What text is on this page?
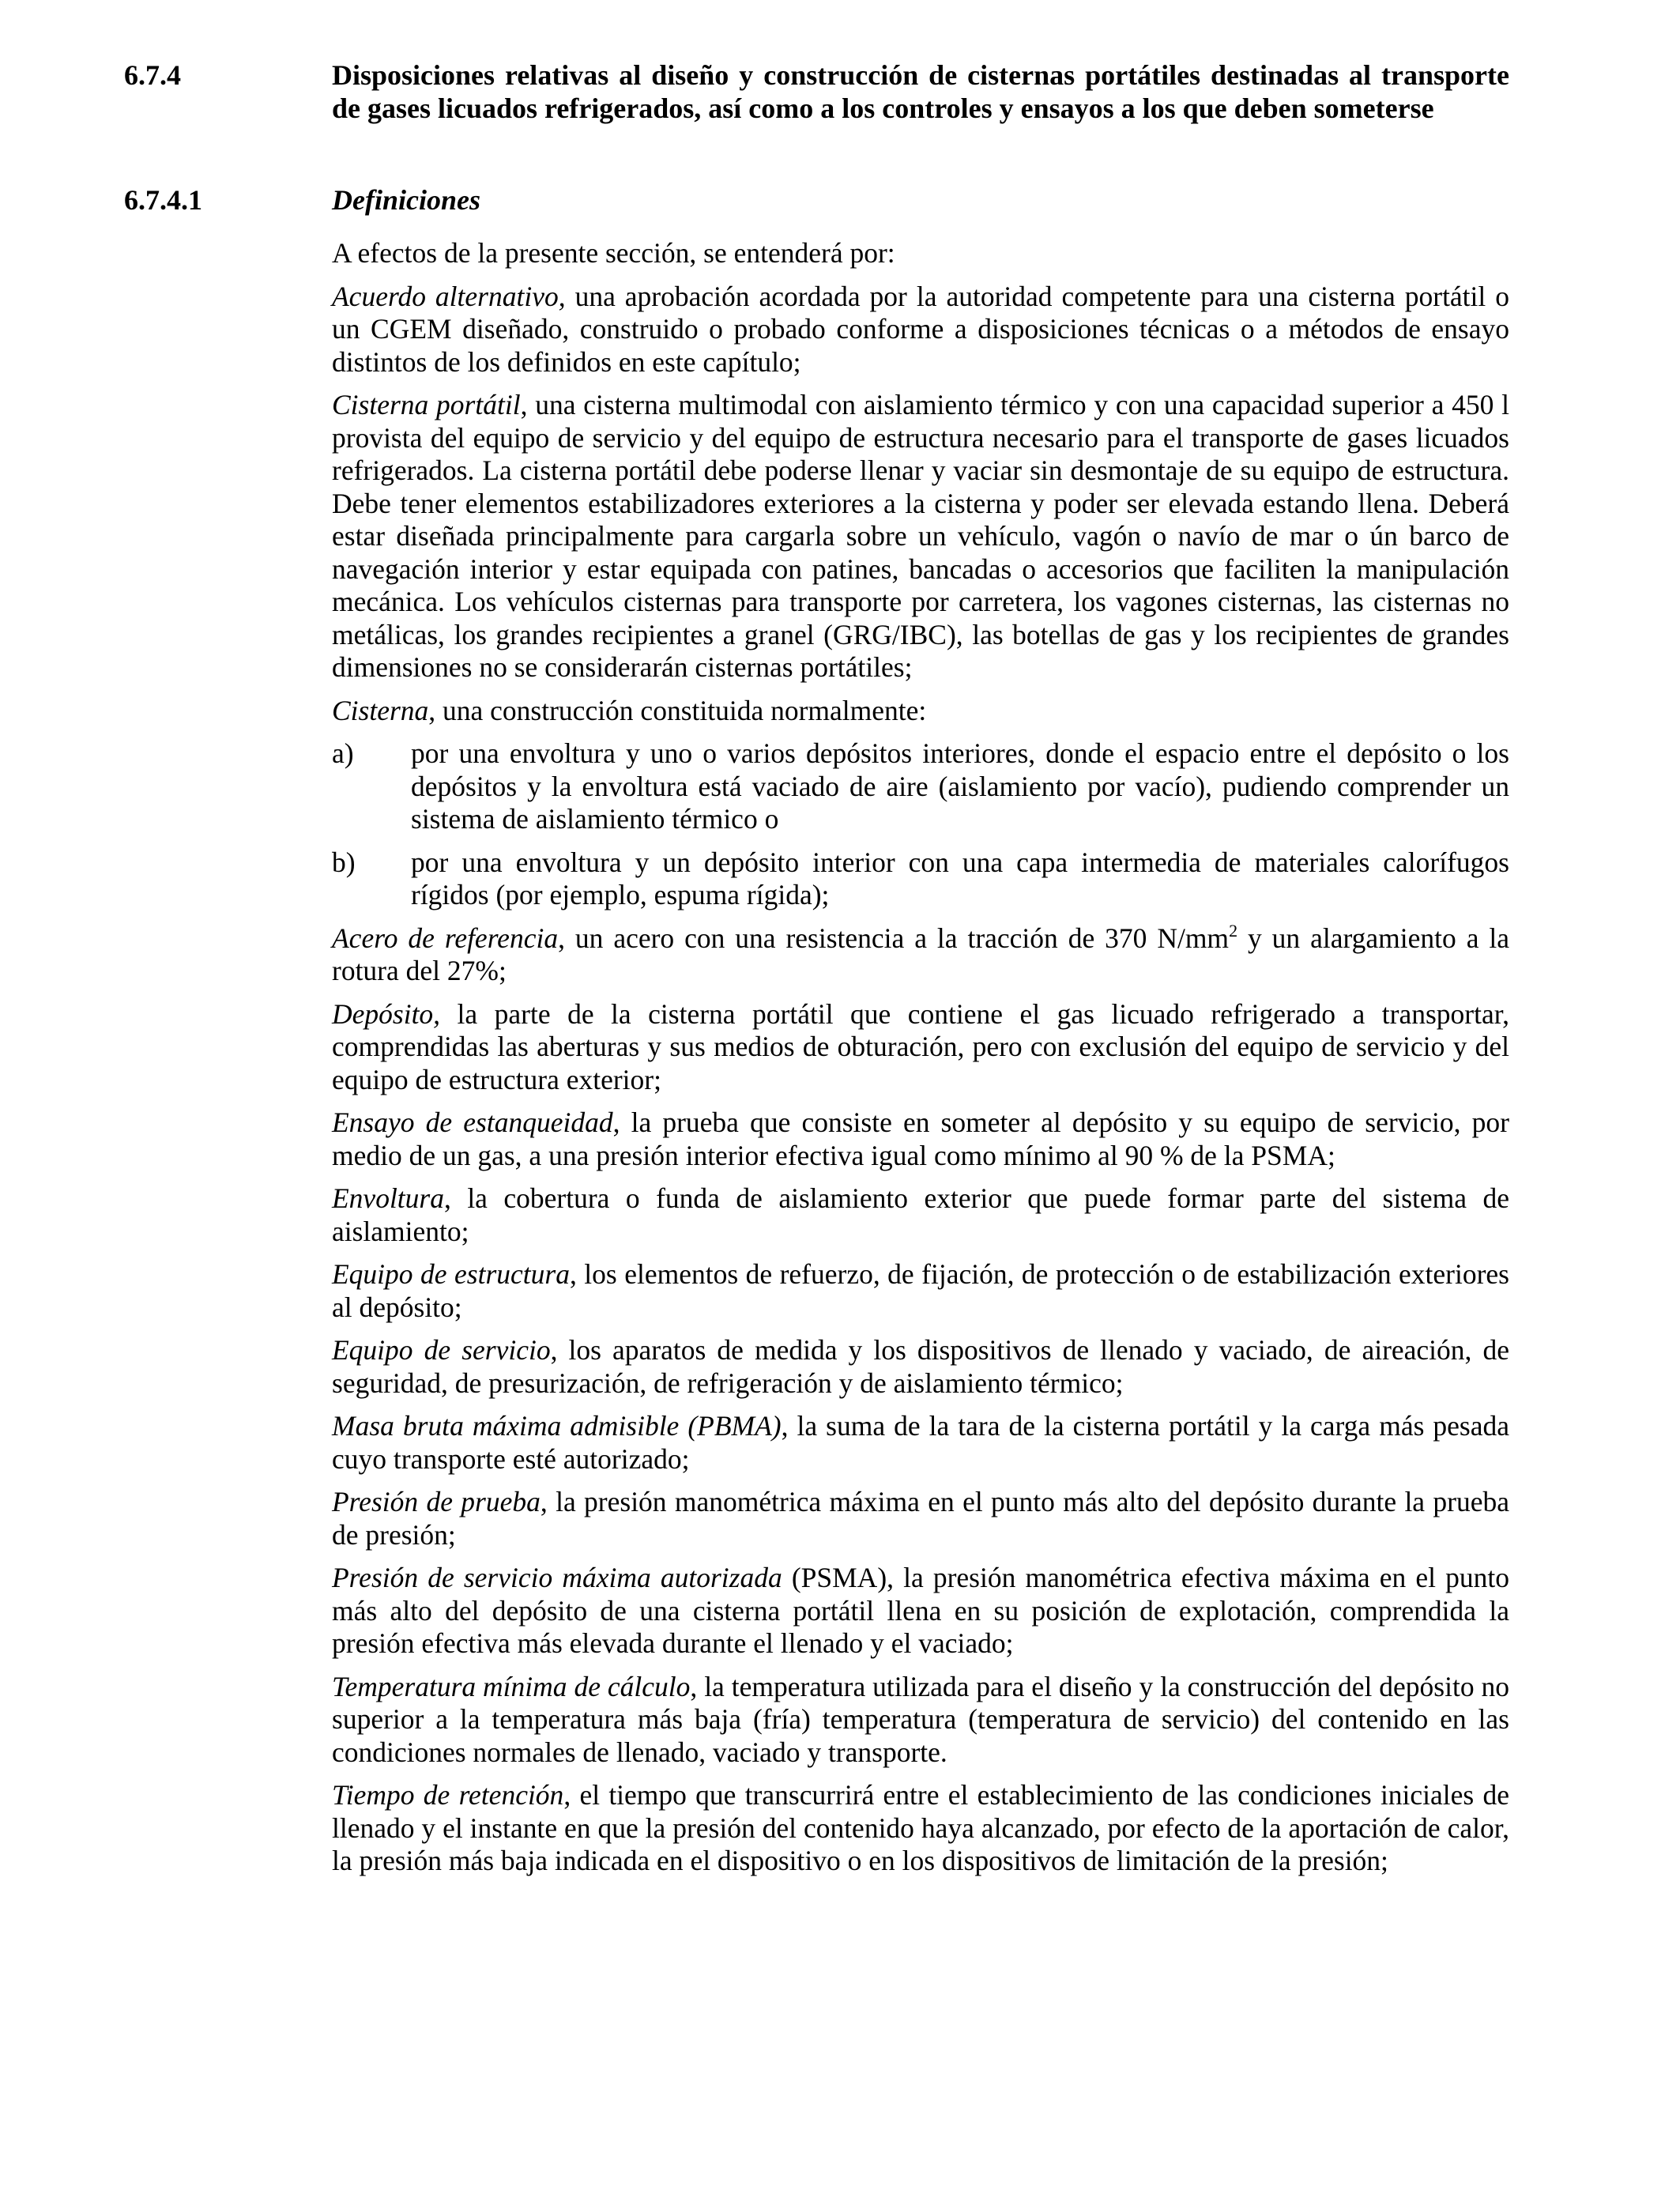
6.7.4	Disposiciones relativas al diseño y construcción de cisternas portátiles destinadas al transporte de gases licuados refrigerados, así como a los controles y ensayos a los que deben someterse
6.7.4.1	Definiciones

A efectos de la presente sección, se entenderá por:

Acuerdo alternativo, una aprobación acordada por la autoridad competente para una cisterna portátil o un CGEM diseñado, construido o probado conforme a disposiciones técnicas o a métodos de ensayo distintos de los definidos en este capítulo;

Cisterna portátil, una cisterna multimodal con aislamiento térmico y con una capacidad superior a 450 l provista del equipo de servicio y del equipo de estructura necesario para el transporte de gases licuados refrigerados. La cisterna portátil debe poderse llenar y vaciar sin desmontaje de su equipo de estructura. Debe tener elementos estabilizadores exteriores a la cisterna y poder ser elevada estando llena. Deberá estar diseñada principalmente para cargarla sobre un vehículo, vagón o navío de mar o ún barco de navegación interior y estar equipada con patines, bancadas o accesorios que faciliten la manipulación mecánica. Los vehículos cisternas para transporte por carretera, los vagones cisternas, las cisternas no metálicas, los grandes recipientes a granel (GRG/IBC), las botellas de gas y los recipientes de grandes dimensiones no se considerarán cisternas portátiles;

Cisterna, una construcción constituida normalmente:

a)	por una envoltura y uno o varios depósitos interiores, donde el espacio entre el depósito o los depósitos y la envoltura está vaciado de aire (aislamiento por vacío), pudiendo comprender un sistema de aislamiento térmico o
b)	por una envoltura y un depósito interior con una capa intermedia de materiales calorífugos rígidos (por ejemplo, espuma rígida);

Acero de referencia, un acero con una resistencia a la tracción de 370 $N/mm^2$ y un alargamiento a la rotura del 27%;

Depósito, la parte de la cisterna portátil que contiene el gas licuado refrigerado a transportar, comprendidas las aberturas y sus medios de obturación, pero con exclusión del equipo de servicio y del equipo de estructura exterior;

Ensayo de estanqueidad, la prueba que consiste en someter al depósito y su equipo de servicio, por medio de un gas, a una presión interior efectiva igual como mínimo al 90 % de la PSMA;

Envoltura, la cobertura o funda de aislamiento exterior que puede formar parte del sistema de aislamiento;

Equipo de estructura, los elementos de refuerzo, de fijación, de protección o de estabilización exteriores al depósito;

Equipo de servicio, los aparatos de medida y los dispositivos de llenado y vaciado, de aireación, de seguridad, de presurización, de refrigeración y de aislamiento térmico;

Masa bruta máxima admisible (PBMA), la suma de la tara de la cisterna portátil y la carga más pesada cuyo transporte esté autorizado;

Presión de prueba, la presión manométrica máxima en el punto más alto del depósito durante la prueba de presión;

Presión de servicio máxima autorizada (PSMA), la presión manométrica efectiva máxima en el punto más alto del depósito de una cisterna portátil llena en su posición de explotación, comprendida la presión efectiva más elevada durante el llenado y el vaciado;

Temperatura mínima de cálculo, la temperatura utilizada para el diseño y la construcción del depósito no superior a la temperatura más baja (fría) temperatura (temperatura de servicio) del contenido en las condiciones normales de llenado, vaciado y transporte.

Tiempo de retención, el tiempo que transcurrirá entre el establecimiento de las condiciones iniciales de llenado y el instante en que la presión del contenido haya alcanzado, por efecto de la aportación de calor, la presión más baja indicada en el dispositivo o en los dispositivos de limitación de la presión;
